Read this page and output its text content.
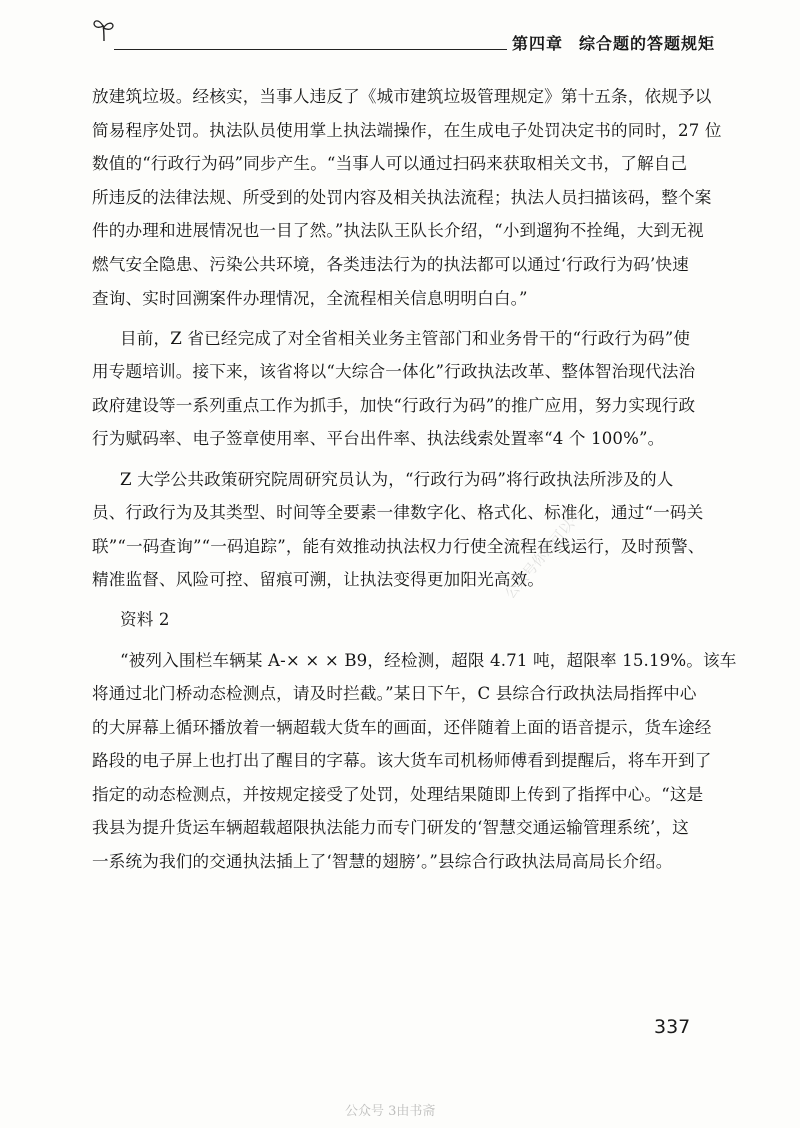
第四章 综合题的答题规矩
放建筑垃圾。经核实，当事人违反了《城市建筑垃圾管理规定》第十五条，依规予以
简易程序处罚。执法队员使用掌上执法端操作，在生成电子处罚决定书的同时，27 位
数值的“行政行为码”同步产生。“当事人可以通过扫码来获取相关文书，了解自己
所违反的法律法规、所受到的处罚内容及相关执法流程；执法人员扫描该码，整个案
件的办理和进展情况也一目了然。”执法队王队长介绍，“小到遛狗不拴绳，大到无视
燃气安全隐患、污染公共环境，各类违法行为的执法都可以通过‘行政行为码’快速
查询、实时回溯案件办理情况，全流程相关信息明明白白。”
目前，Z 省已经完成了对全省相关业务主管部门和业务骨干的“行政行为码”使
用专题培训。接下来，该省将以“大综合一体化”行政执法改革、整体智治现代法治
政府建设等一系列重点工作为抓手，加快“行政行为码”的推广应用，努力实现行政
行为赋码率、电子签章使用率、平台出件率、执法线索处置率“4 个 100%”。
Z 大学公共政策研究院周研究员认为，“行政行为码”将行政执法所涉及的人
员、行政行为及其类型、时间等全要素一律数字化、格式化、标准化，通过“一码关
联”“一码查询”“一码追踪”，能有效推动执法权力行使全流程在线运行，及时预警、
精准监督、风险可控、留痕可溯，让执法变得更加阳光高效。
资料 2
“被列入围栏车辆某 A-× × × B9，经检测，超限 4.71 吨，超限率 15.19%。该车
将通过北门桥动态检测点，请及时拦截。”某日下午，C 县综合行政执法局指挥中心
的大屏幕上循环播放着一辆超载大货车的画面，还伴随着上面的语音提示，货车途经
路段的电子屏上也打出了醒目的字幕。该大货车司机杨师傅看到提醒后，将车开到了
指定的动态检测点，并按规定接受了处罚，处理结果随即上传到了指挥中心。“这是
我县为提升货运车辆超载超限执法能力而专门研发的‘智慧交通运输管理系统’，这
一系统为我们的交通执法插上了‘智慧的翅膀’。”县综合行政执法局高局长介绍。
公众号你想可以考
337
公众号 3由书斋
